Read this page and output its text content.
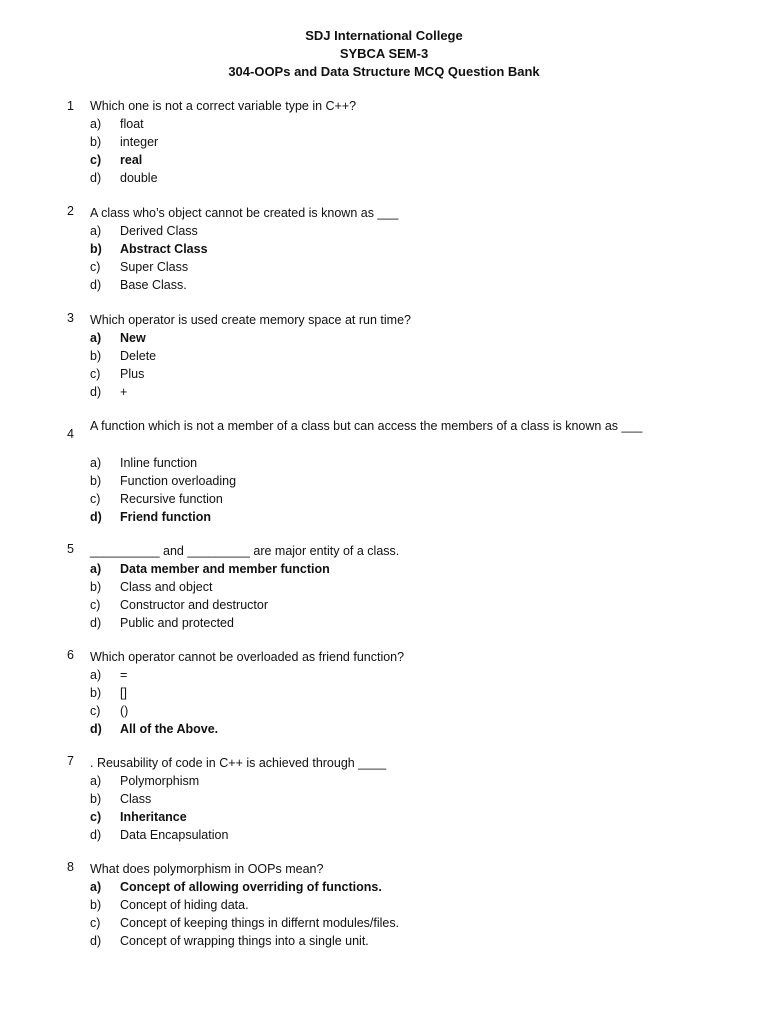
SDJ International College
SYBCA SEM-3
304-OOPs and Data Structure MCQ Question Bank
1	Which one is not a correct variable type in C++?
a) float
b) integer
c) real
d) double
2	A class who’s object cannot be created is known as ___
a) Derived Class
b) Abstract Class
c) Super Class
d) Base Class.
3	Which operator is used create memory space at run time?
a) New
b) Delete
c) Plus
d) +
4
A function which is not a member of a class but can access the members of a class is known as ___
a) Inline function
b) Function overloading
c) Recursive function
d) Friend function
5	__________ and _________ are major entity of a class.
a) Data member and member function
b) Class and object
c) Constructor and destructor
d) Public and protected
6	Which operator cannot be overloaded as friend function?
a) =
b) []
c) ()
d) All of the Above.
7	. Reusability of code in C++ is achieved through ____
a) Polymorphism
b) Class
c) Inheritance
d) Data Encapsulation
8	What does polymorphism in OOPs mean?
a) Concept of allowing overriding of functions.
b) Concept of hiding data.
c) Concept of keeping things in differnt modules/files.
d) Concept of wrapping things into a single unit.
